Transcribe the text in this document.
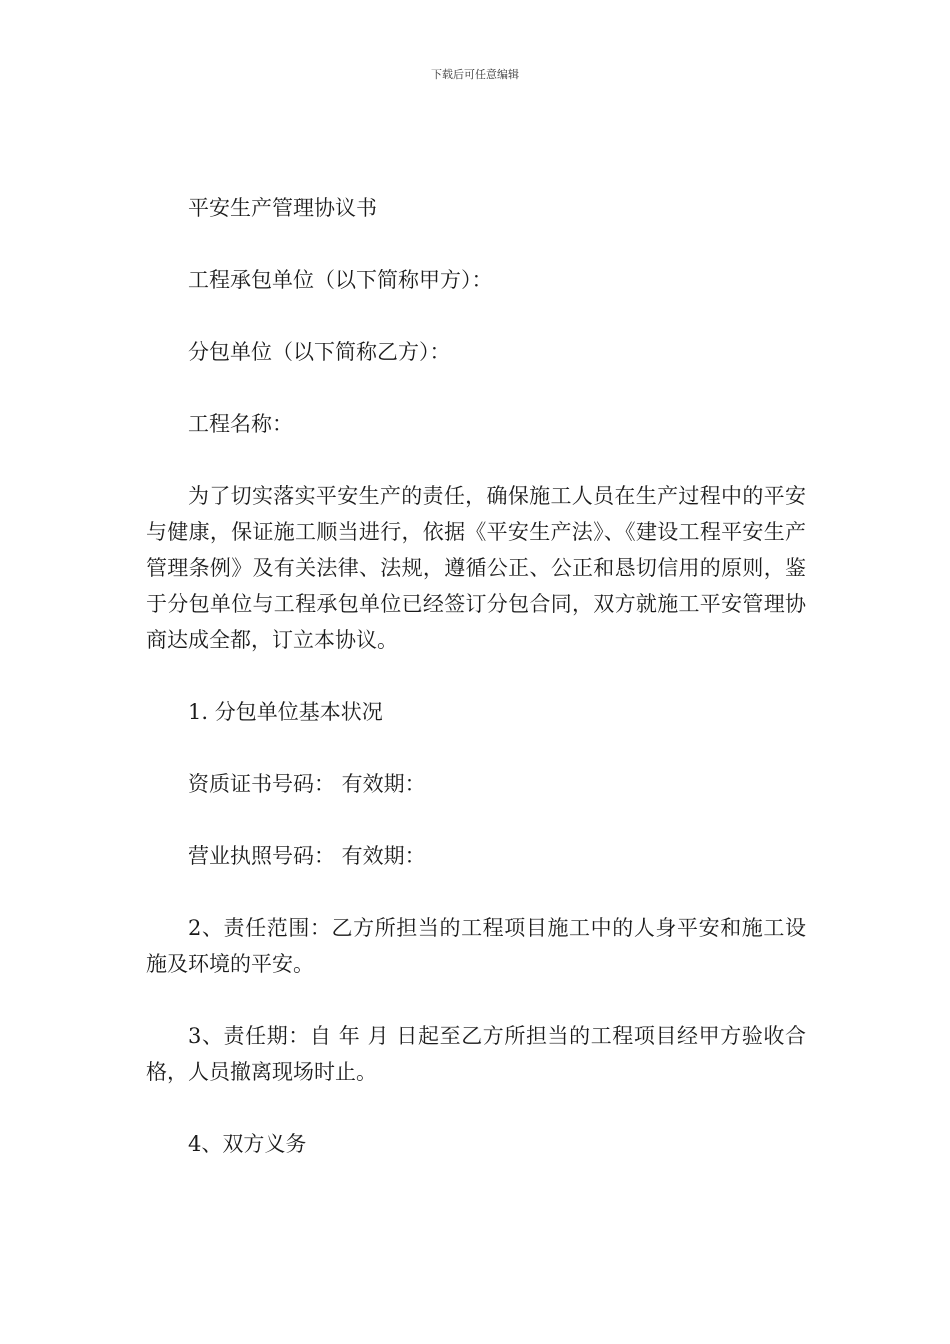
下载后可任意编辑

平安生产管理协议书

工程承包单位（以下简称甲方）：

分包单位（以下简称乙方）：

工程名称：

为了切实落实平安生产的责任，确保施工人员在生产过程中的平安与健康，保证施工顺当进行，依据《平安生产法》、《建设工程平安生产管理条例》及有关法律、法规，遵循公正、公正和恳切信用的原则，鉴于分包单位与工程承包单位已经签订分包合同，双方就施工平安管理协商达成全都，订立本协议。

1. 分包单位基本状况

资质证书号码： 有效期：

营业执照号码： 有效期：

2、责任范围：乙方所担当的工程项目施工中的人身平安和施工设施及环境的平安。

3、责任期：自 年 月 日起至乙方所担当的工程项目经甲方验收合格，人员撤离现场时止。

4、双方义务
